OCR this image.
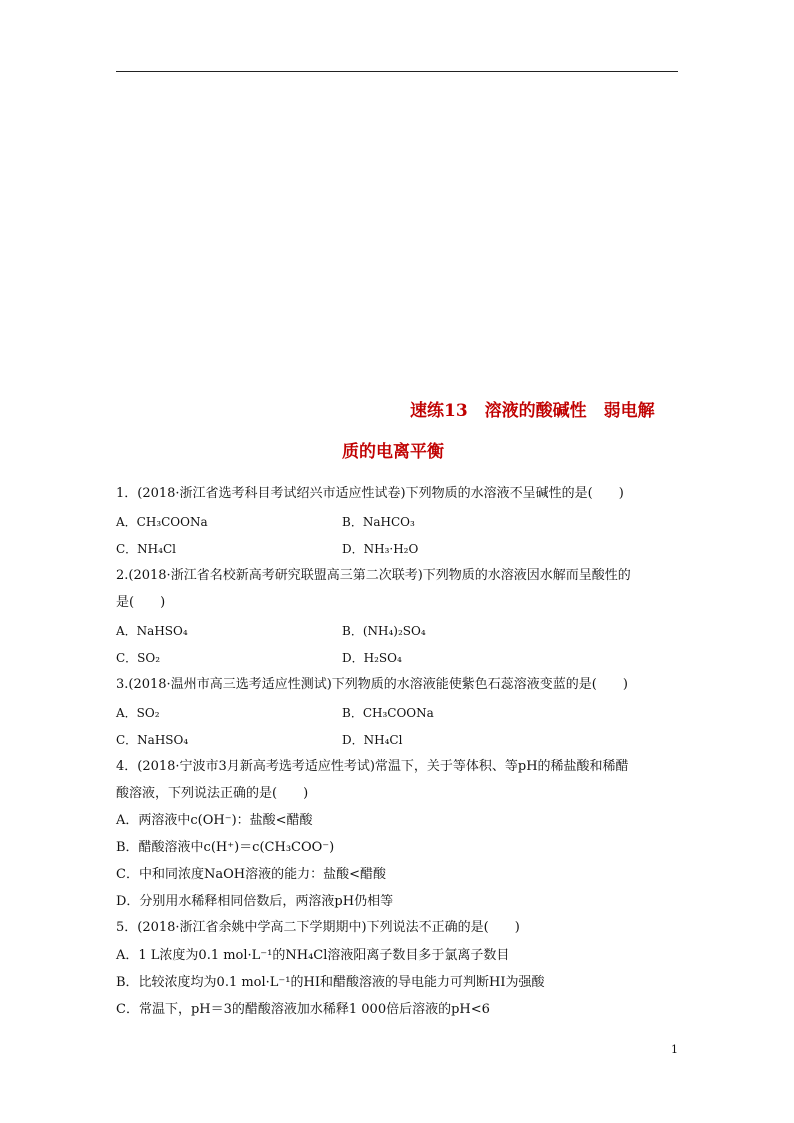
速练13　溶液的酸碱性　弱电解
质的电离平衡
1．(2018·浙江省选考科目考试绍兴市适应性试卷)下列物质的水溶液不呈碱性的是(　　)
A．CH₃COONa	B．NaHCO₃
C．NH₄Cl	D．NH₃·H₂O
2.(2018·浙江省名校新高考研究联盟高三第二次联考)下列物质的水溶液因水解而呈酸性的
是(　　)
A．NaHSO₄	B．(NH₄)₂SO₄
C．SO₂	D．H₂SO₄
3.(2018·温州市高三选考适应性测试)下列物质的水溶液能使紫色石蕊溶液变蓝的是(　　)
A．SO₂	B．CH₃COONa
C．NaHSO₄	D．NH₄Cl
4．(2018·宁波市3月新高考选考适应性考试)常温下，关于等体积、等pH的稀盐酸和稀醋
酸溶液，下列说法正确的是(　　)
A．两溶液中c(OH⁻)：盐酸<醋酸
B．醋酸溶液中c(H⁺)＝c(CH₃COO⁻)
C．中和同浓度NaOH溶液的能力：盐酸<醋酸
D．分别用水稀释相同倍数后，两溶液pH仍相等
5．(2018·浙江省余姚中学高二下学期期中)下列说法不正确的是(　　)
A．1 L浓度为0.1 mol·L⁻¹的NH₄Cl溶液阳离子数目多于氯离子数目
B．比较浓度均为0.1 mol·L⁻¹的HI和醋酸溶液的导电能力可判断HI为强酸
C．常温下，pH＝3的醋酸溶液加水稀释1 000倍后溶液的pH<6
1
